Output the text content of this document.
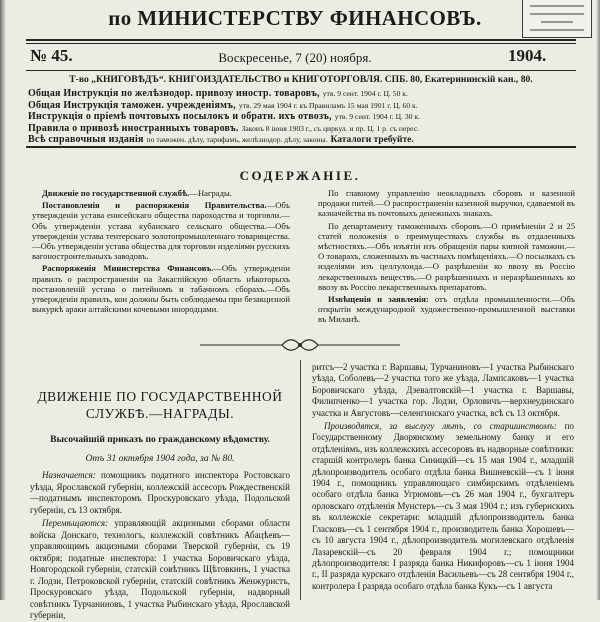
по МИНИСТЕРСТВУ ФИНАНСОВЪ.
№ 45.	Воскресенье, 7 (20) ноября.	1904.
Т-во „КНИГОВѢДЪ“. КНИГОИЗДАТЕЛЬСТВО и КНИГОТОРГОВЛЯ. СПБ. 80, Екатерининскій кан., 80.
Общая Инструкція по желѣзнодор. привозу иностр. товаровъ, утв. 9 сент. 1904 г. Ц. 50 к.
Общая Инструкція таможен. учрежденіямъ, утв. 29 мая 1904 г. къ Правиламъ 15 мая 1901 г. Ц. 60 к.
Инструкція о пріемѣ почтовыхъ посылокъ и обратн. ихъ отвозъ, утв. 9 сент. 1904 г. Ц. 30 к.
Правила о привозѣ иностранныхъ товаровъ. Законъ 8 іюня 1903 г., съ циркул. и пр. Ц. 1 р. съ перес.
Всѣ справочныя изданія по таможен. дѣлу, тарифамъ, желѣзнодор. дѣлу, законы. Каталоги требуйте.
СОДЕРЖАНІЕ.

Движеніе по государственной службѣ.—Награды.

Постановленія и распоряженія Правительства.—Объ утвержденіи устава енисейскаго общества пароходства и торговли.—Объ утвержденіи устава кубанскаго сельскаго общества.—Объ утвержденіи устава тентерскаго золотопромышленнаго товарищества.—Объ утвержденіи устава общества для торговли изделіями русскихъ вагоностроительныхъ заводовъ.

Распоряженія Министерства Финансовъ.—Объ утвержденіи правилъ о распространеніи на Закаспійскую область нѣкоторыхъ постановленій устава о питейномъ и табачномъ сборахъ.—Объ утвержденіи правилъ, кои должны быть соблюдаемы при безакцизной выкуркѣ араки алтайскими кочевыми инородцами.

По главному управленію неокладныхъ сборовъ и казенной продажи питей.—О распространеніи казенной выручки, сдаваемой въ казначейства въ почтовыхъ денежныхъ знакахъ.

По департаменту таможенныхъ сборовъ.—О примѣненіи 2 и 25 статей положенія о преимуществахъ службы въ отдаленныхъ мѣстностяхъ.—Объ изъятіи изъ обращенія пары кипной таможни.—О товарахъ, сложенныхъ въ частныхъ помѣщеніяхъ.—О посылкахъ съ изделіями изъ целлулоида.—О разрѣшеніи ко ввозу въ Россію лекарственныхъ веществъ.—О разрѣшенныхъ и неразрѣшенныхъ ко ввозу въ Россію лекарственныхъ препаратовъ.

Извѣщенія и заявленія: отъ отдѣла промышленности.—Объ открытіи международной художественно-промышленной выставки въ Миланѣ.

ДВИЖЕНІЕ ПО ГОСУДАРСТВЕННОЙ
СЛУЖБѢ.—НАГРАДЫ.
Высочайшій приказъ по гражданскому вѣдомству.
Отъ 31 октября 1904 года, за № 80.

Назначается: помощникъ податного инспектора Ростовскаго уѣзда, Ярославской губерніи, коллежскій ассесоръ Рождественскій—податнымъ инспекторомъ Проскуровскаго уѣзда, Подольской губерніи, съ 13 октября.

Перемѣщаются: управляющій акцизными сборами области войска Донскаго, технологъ, коллежскій совѣтникъ Абацѣевъ—управляющимъ акцизными сборами Тверской губерніи, съ 19 октября; податные инспектора: 1 участка Боровичскаго уѣзда, Новгородской губерніи, статскій совѣтникъ Щѣтовкинъ, 1 участка г. Лодзи, Петроковской губерніи, статскій совѣтникъ Женжуристъ, Проскуровскаго уѣзда, Подольской губерніи, надворный совѣтникъ Турчаниновъ, 1 участка Рыбинскаго уѣзда, Ярославской губерніи,

ритсъ—2 участка г. Варшавы, Турчаниновъ—1 участка Рыбинскаго уѣзда, Соболевъ—2 участка того же уѣзда, Лампсаковъ—1 участка Боровичскаго уѣзда, Дзевалтовскій—1 участка г. Варшавы, Филипченко—1 участка гор. Лодзи, Орловичъ—верхнеудинскаго участка и Августовъ—селенгинскаго участка, всѣ съ 13 октября.

Производятся, за выслугу лѣтъ, со старшинствомъ: по Государственному Дворянскому земельному банку и его отдѣленіямъ, изъ коллежскихъ ассесоровъ въ надворные совѣтники: старшій контролеръ банка Синицкій—съ 15 мая 1904 г., младшій дѣлопроизводитель особаго отдѣла банка Вишневскій—съ 1 іюня 1904 г., помощникъ управляющаго симбирскимъ отдѣленіемъ особаго отдѣла банка Угрюмовъ—съ 26 мая 1904 г., бухгалтеръ орловскаго отдѣленія Мунстеръ—съ 3 мая 1904 г.; изъ губернскихъ въ коллежскіе секретари: младшій дѣлопроизводитель банка Гласковъ—съ 1 сентября 1904 г., производитель банка Хорошевъ—съ 10 августа 1904 г., дѣлопроизводитель могилевскаго отдѣленія Лазаревскій—съ 20 февраля 1904 г.; помощники дѣлопроизводителя: I разряда банка Никифоровъ—съ 1 іюня 1904 г., II разряда курскаго отдѣленія Васильевъ—съ 28 сентября 1904 г., контролера I разряда особаго отдѣла банка Кукъ—съ 1 августа
